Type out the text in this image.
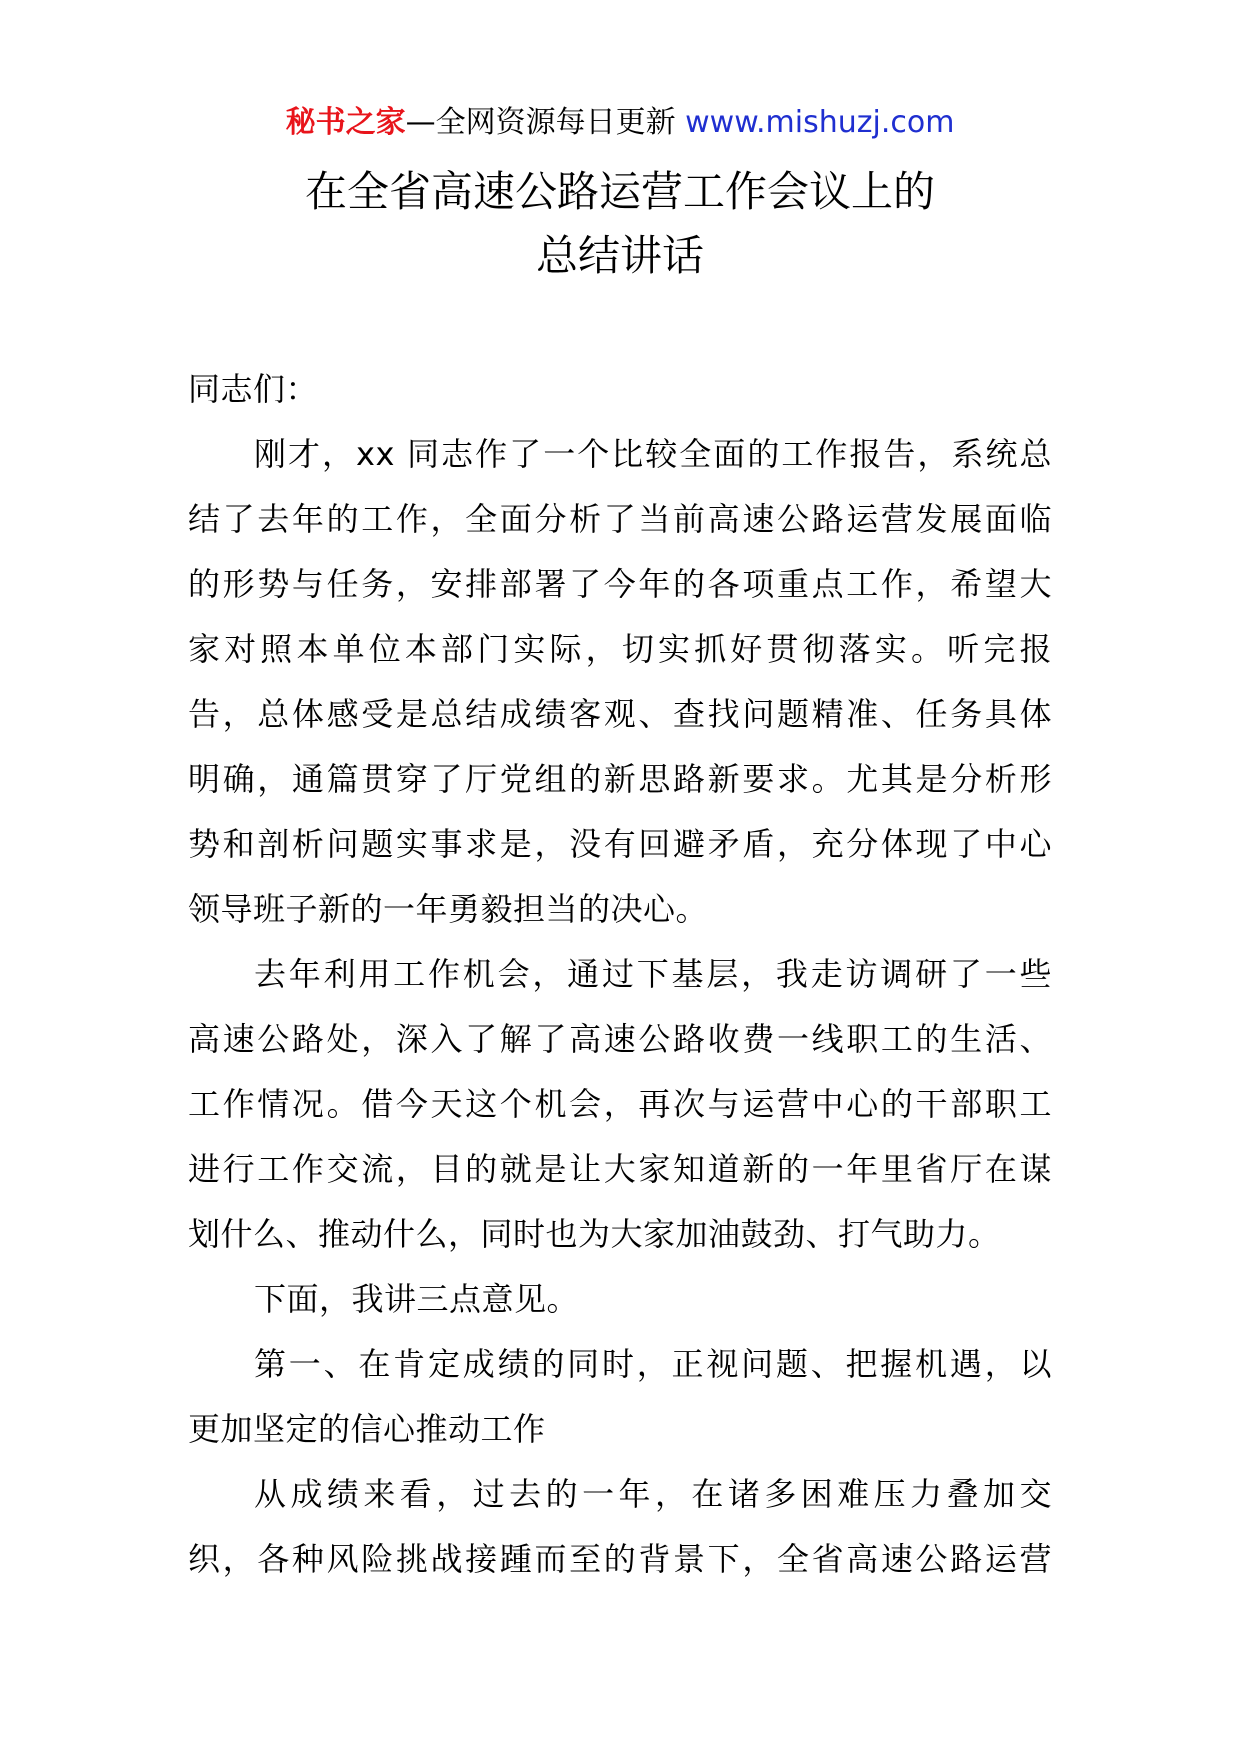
秘书之家—全网资源每日更新 www.mishuzj.com
在全省高速公路运营工作会议上的
总结讲话
同志们：
刚才，xx 同志作了一个比较全面的工作报告，系统总
结了去年的工作，全面分析了当前高速公路运营发展面临
的形势与任务，安排部署了今年的各项重点工作，希望大
家对照本单位本部门实际，切实抓好贯彻落实。听完报
告，总体感受是总结成绩客观、查找问题精准、任务具体
明确，通篇贯穿了厅党组的新思路新要求。尤其是分析形
势和剖析问题实事求是，没有回避矛盾，充分体现了中心
领导班子新的一年勇毅担当的决心。
去年利用工作机会，通过下基层，我走访调研了一些
高速公路处，深入了解了高速公路收费一线职工的生活、
工作情况。借今天这个机会，再次与运营中心的干部职工
进行工作交流，目的就是让大家知道新的一年里省厅在谋
划什么、推动什么，同时也为大家加油鼓劲、打气助力。
下面，我讲三点意见。
第一、在肯定成绩的同时，正视问题、把握机遇，以
更加坚定的信心推动工作
从成绩来看，过去的一年，在诸多困难压力叠加交
织，各种风险挑战接踵而至的背景下，全省高速公路运营
